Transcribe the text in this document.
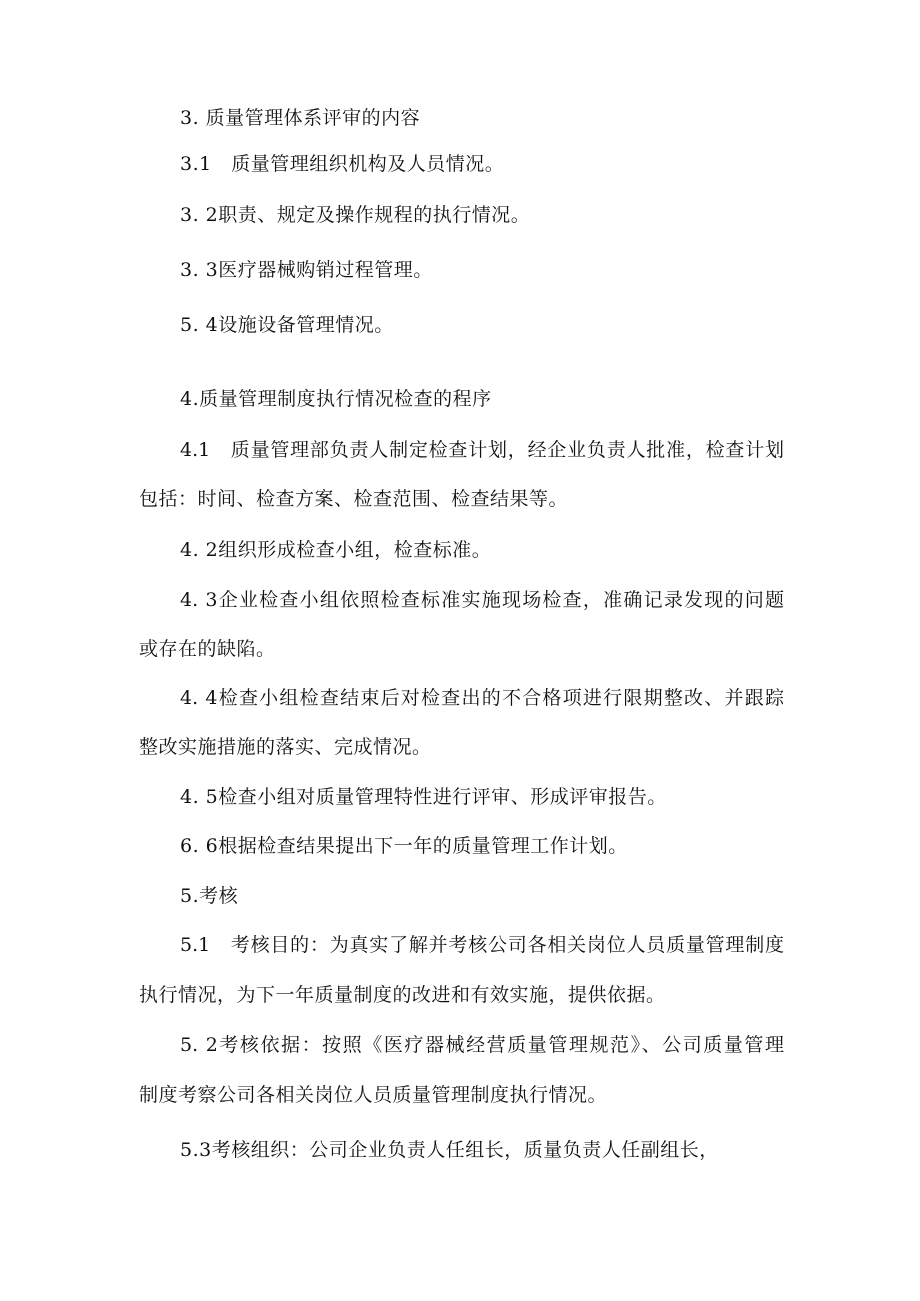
3. 质量管理体系评审的内容
3.1　质量管理组织机构及人员情况。
3. 2职责、规定及操作规程的执行情况。
3. 3医疗器械购销过程管理。
5. 4设施设备管理情况。
4.质量管理制度执行情况检查的程序
4.1　质量管理部负责人制定检查计划，经企业负责人批准，检查计划
包括：时间、检查方案、检查范围、检查结果等。
4. 2组织形成检查小组，检查标准。
4. 3企业检查小组依照检查标准实施现场检查，准确记录发现的问题
或存在的缺陷。
4. 4检查小组检查结束后对检查出的不合格项进行限期整改、并跟踪
整改实施措施的落实、完成情况。
4. 5检查小组对质量管理特性进行评审、形成评审报告。
6. 6根据检查结果提出下一年的质量管理工作计划。
5.考核
5.1　考核目的：为真实了解并考核公司各相关岗位人员质量管理制度
执行情况，为下一年质量制度的改进和有效实施，提供依据。
5. 2考核依据：按照《医疗器械经营质量管理规范》、公司质量管理
制度考察公司各相关岗位人员质量管理制度执行情况。
5.3考核组织：公司企业负责人任组长，质量负责人任副组长，
